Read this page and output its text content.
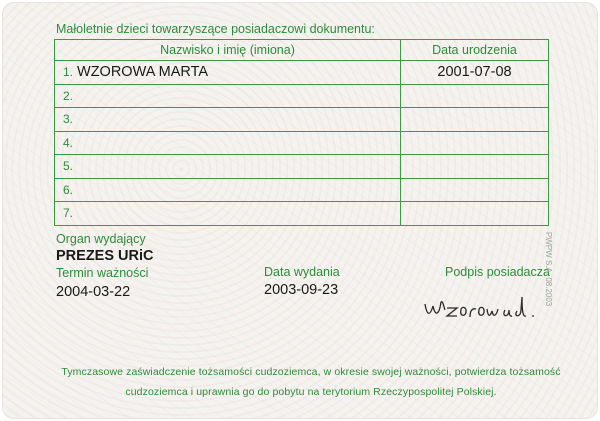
Małoletnie dzieci towarzyszące posiadaczowi dokumentu:
Nazwisko i imię (imiona)	Data urodzenia
1. WZOROWA MARTA	2001-07-08
2.	
3.	
4.	
5.	
6.	
7.	
Organ wydający
PREZES URiC
Termin ważności
2004-03-22
Data wydania
2003-09-23
Podpis posiadacza
Tymczasowe zaświadczenie tożsamości cudzoziemca, w okresie swojej ważności, potwierdza tożsamość
cudzoziemca i uprawnia go do pobytu na terytorium Rzeczypospolitej Polskiej.
PWPW S.A. 08.2003
